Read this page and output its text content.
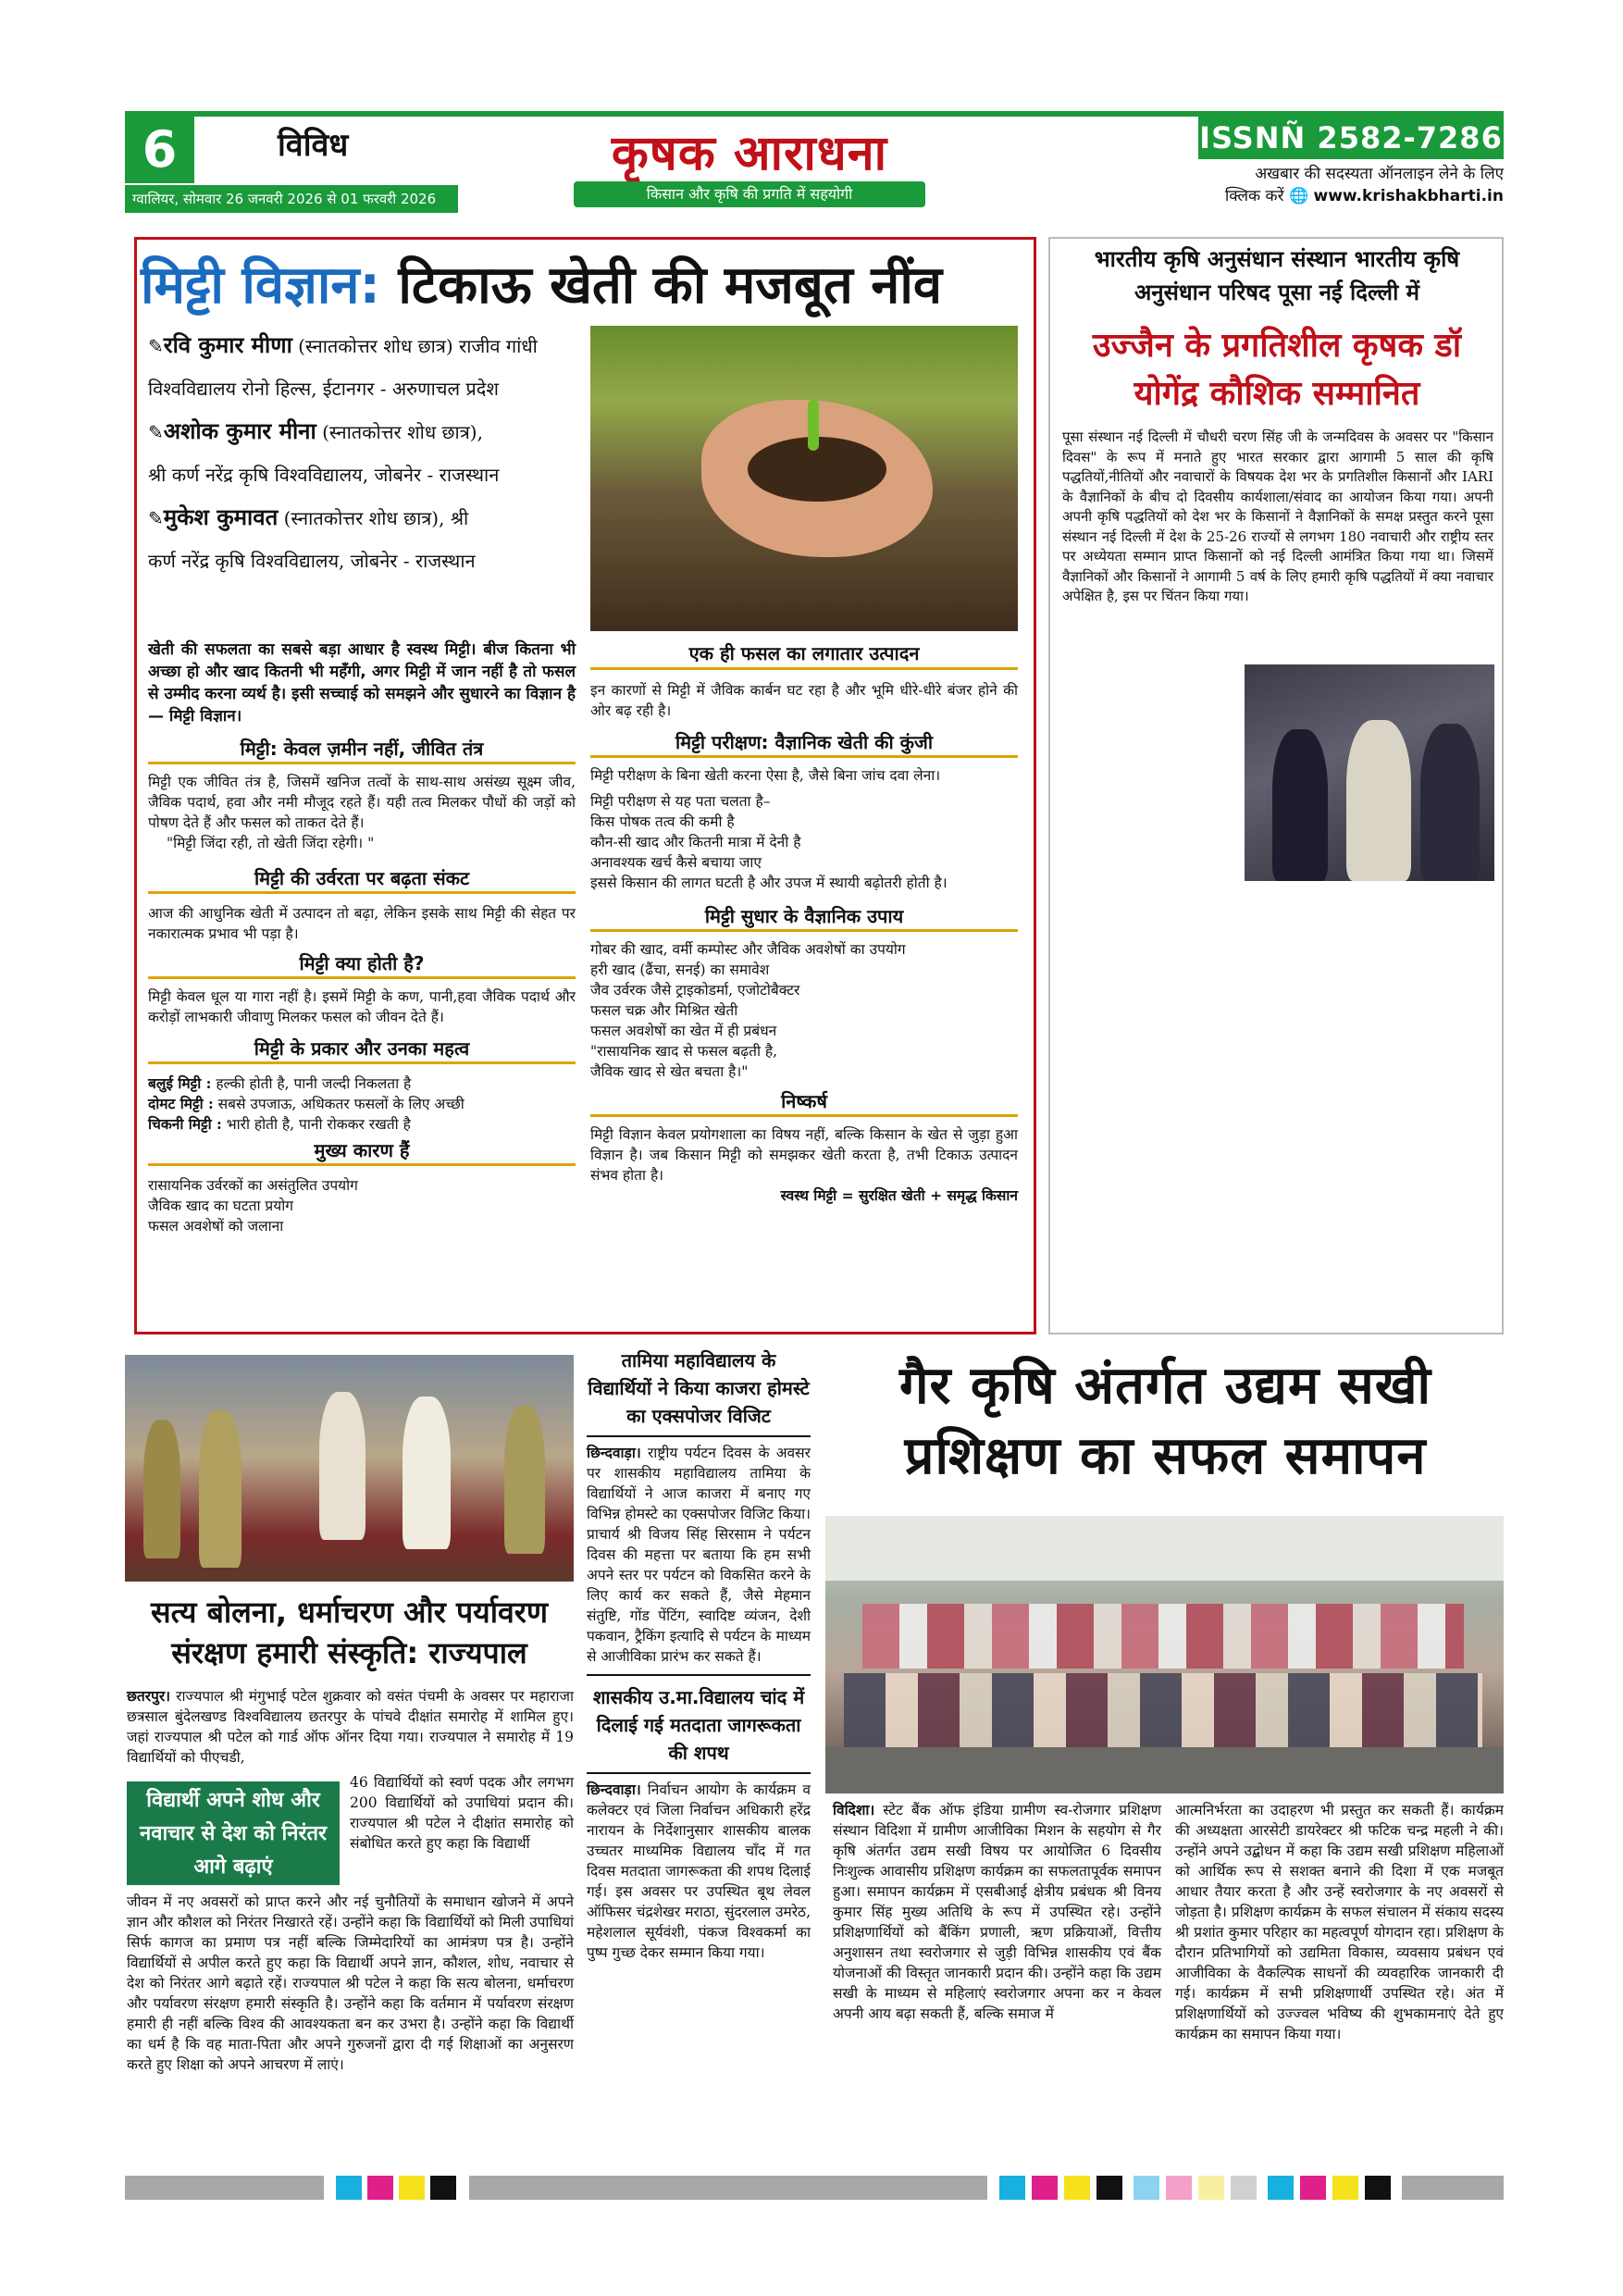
6	विविध
ग्वालियर, सोमवार 26 जनवरी 2026 से 01 फरवरी 2026
कृषक आराधना
किसान और कृषि की प्रगति में सहयोगी
ISSNÑ 2582-7286
अखबार की सदस्यता ऑनलाइन लेने के लिए
क्लिक करें 🌐 www.krishakbharti.in
मिट्टी विज्ञान: टिकाऊ खेती की मजबूत नींव
✎रवि कुमार मीणा (स्नातकोत्तर शोध छात्र) राजीव गांधी
विश्वविद्यालय रोनो हिल्स, ईटानगर - अरुणाचल प्रदेश
✎अशोक कुमार मीना (स्नातकोत्तर शोध छात्र),
श्री कर्ण नरेंद्र कृषि विश्वविद्यालय, जोबनेर - राजस्थान
✎मुकेश कुमावत (स्नातकोत्तर शोध छात्र), श्री
कर्ण नरेंद्र कृषि विश्वविद्यालय, जोबनेर - राजस्थान
एक ही फसल का लगातार उत्पादन

खेती की सफलता का सबसे बड़ा आधार है स्वस्थ मिट्टी। बीज कितना भी अच्छा हो और खाद कितनी भी महँगी, अगर मिट्टी में जान नहीं है तो फसल से उम्मीद करना व्यर्थ है। इसी सच्चाई को समझने और सुधारने का विज्ञान है — मिट्टी विज्ञान।

मिट्टी: केवल ज़मीन नहीं, जीवित तंत्र

मिट्टी एक जीवित तंत्र है, जिसमें खनिज तत्वों के साथ-साथ असंख्य सूक्ष्म जीव, जैविक पदार्थ, हवा और नमी मौजूद रहते हैं। यही तत्व मिलकर पौधों की जड़ों को पोषण देते हैं और फसल को ताकत देते हैं।

"मिट्टी जिंदा रही, तो खेती जिंदा रहेगी। "

मिट्टी की उर्वरता पर बढ़ता संकट

आज की आधुनिक खेती में उत्पादन तो बढ़ा, लेकिन इसके साथ मिट्टी की सेहत पर नकारात्मक प्रभाव भी पड़ा है।

मिट्टी क्या होती है?

मिट्टी केवल धूल या गारा नहीं है। इसमें मिट्टी के कण, पानी,हवा जैविक पदार्थ और करोड़ों लाभकारी जीवाणु मिलकर फसल को जीवन देते हैं।

मिट्टी के प्रकार और उनका महत्व
बलुई मिट्टी : हल्की होती है, पानी जल्दी निकलता है
दोमट मिट्टी : सबसे उपजाऊ, अधिकतर फसलों के लिए अच्छी
चिकनी मिट्टी : भारी होती है, पानी रोककर रखती है
मुख्य कारण हैं
रासायनिक उर्वरकों का असंतुलित उपयोग
जैविक खाद का घटता प्रयोग
फसल अवशेषों को जलाना

इन कारणों से मिट्टी में जैविक कार्बन घट रहा है और भूमि धीरे-धीरे बंजर होने की ओर बढ़ रही है।

मिट्टी परीक्षण: वैज्ञानिक खेती की कुंजी

मिट्टी परीक्षण के बिना खेती करना ऐसा है, जैसे बिना जांच दवा लेना।

मिट्टी परीक्षण से यह पता चलता है–
किस पोषक तत्व की कमी है
कौन-सी खाद और कितनी मात्रा में देनी है
अनावश्यक खर्च कैसे बचाया जाए
इससे किसान की लागत घटती है और उपज में स्थायी बढ़ोतरी होती है।
मिट्टी सुधार के वैज्ञानिक उपाय
गोबर की खाद, वर्मी कम्पोस्ट और जैविक अवशेषों का उपयोग
हरी खाद (ढैंचा, सनई) का समावेश
जैव उर्वरक जैसे ट्राइकोडर्मा, एजोटोबैक्टर
फसल चक्र और मिश्रित खेती
फसल अवशेषों का खेत में ही प्रबंधन
"रासायनिक खाद से फसल बढ़ती है,
जैविक खाद से खेत बचता है।"
निष्कर्ष

मिट्टी विज्ञान केवल प्रयोगशाला का विषय नहीं, बल्कि किसान के खेत से जुड़ा हुआ विज्ञान है। जब किसान मिट्टी को समझकर खेती करता है, तभी टिकाऊ उत्पादन संभव होता है।

स्वस्थ मिट्टी = सुरक्षित खेती + समृद्ध किसान

भारतीय कृषि अनुसंधान संस्थान भारतीय कृषि अनुसंधान परिषद पूसा नई दिल्ली में
उज्जैन के प्रगतिशील कृषक डॉ योगेंद्र कौशिक सम्मानित

पूसा संस्थान नई दिल्ली में चौधरी चरण सिंह जी के जन्मदिवस के अवसर पर "किसान दिवस" के रूप में मनाते हुए भारत सरकार द्वारा आगामी 5 साल की कृषि पद्धतियों,नीतियों और नवाचारों के विषयक देश भर के प्रगतिशील किसानों और IARI के वैज्ञानिकों के बीच दो दिवसीय कार्यशाला/संवाद का आयोजन किया गया। अपनी अपनी कृषि पद्धतियों को देश भर के किसानों ने वैज्ञानिकों के समक्ष प्रस्तुत करने पूसा संस्थान नई दिल्ली में देश के 25-26 राज्यों से लगभग 180 नवाचारी और राष्ट्रीय स्तर पर अध्येयता सम्मान प्राप्त किसानों को नई दिल्ली आमंत्रित किया गया था। जिसमें वैज्ञानिकों और किसानों ने आगामी 5 वर्ष के लिए हमारी कृषि पद्धतियों में क्या नवाचार अपेक्षित है, इस पर चिंतन किया गया।

सत्य बोलना, धर्माचरण और पर्यावरण संरक्षण हमारी संस्कृति: राज्यपाल
छतरपुर। राज्यपाल श्री मंगुभाई पटेल शुक्रवार को वसंत पंचमी के अवसर पर महाराजा छत्रसाल बुंदेलखण्ड विश्वविद्यालय छतरपुर के पांचवे दीक्षांत समारोह में शामिल हुए। जहां राज्यपाल श्री पटेल को गार्ड ऑफ ऑनर दिया गया। राज्यपाल ने समारोह में 19 विद्यार्थियों को पीएचडी,
विद्यार्थी अपने शोध और नवाचार से देश को निरंतर आगे बढ़ाएं
46 विद्यार्थियों को स्वर्ण पदक और लगभग 200 विद्यार्थियों को उपाधियां प्रदान की। राज्यपाल श्री पटेल ने दीक्षांत समारोह को संबोधित करते हुए कहा कि विद्यार्थी
जीवन में नए अवसरों को प्राप्त करने और नई चुनौतियों के समाधान खोजने में अपने ज्ञान और कौशल को निरंतर निखारते रहें। उन्होंने कहा कि विद्यार्थियों को मिली उपाधियां सिर्फ कागज का प्रमाण पत्र नहीं बल्कि जिम्मेदारियों का आमंत्रण पत्र है। उन्होंने विद्यार्थियों से अपील करते हुए कहा कि विद्यार्थी अपने ज्ञान, कौशल, शोध, नवाचार से देश को निरंतर आगे बढ़ाते रहें। राज्यपाल श्री पटेल ने कहा कि सत्य बोलना, धर्माचरण और पर्यावरण संरक्षण हमारी संस्कृति है। उन्होंने कहा कि वर्तमान में पर्यावरण संरक्षण हमारी ही नहीं बल्कि विश्व की आवश्यकता बन कर उभरा है। उन्होंने कहा कि विद्यार्थी का धर्म है कि वह माता-पिता और अपने गुरुजनों द्वारा दी गई शिक्षाओं का अनुसरण करते हुए शिक्षा को अपने आचरण में लाएं।
तामिया महाविद्यालय के विद्यार्थियों ने किया काजरा होमस्टे का एक्सपोजर विजिट

छिन्दवाड़ा। राष्ट्रीय पर्यटन दिवस के अवसर पर शासकीय महाविद्यालय तामिया के विद्यार्थियों ने आज काजरा में बनाए गए विभिन्न होमस्टे का एक्सपोजर विजिट किया। प्राचार्य श्री विजय सिंह सिरसाम ने पर्यटन दिवस की महत्ता पर बताया कि हम सभी अपने स्तर पर पर्यटन को विकसित करने के लिए कार्य कर सकते हैं, जैसे मेहमान संतुष्टि, गोंड पेंटिंग, स्वादिष्ट व्यंजन, देशी पकवान, ट्रैकिंग इत्यादि से पर्यटन के माध्यम से आजीविका प्रारंभ कर सकते हैं।

शासकीय उ.मा.विद्यालय चांद में दिलाई गई मतदाता जागरूकता की शपथ

छिन्दवाड़ा। निर्वाचन आयोग के कार्यक्रम व कलेक्टर एवं जिला निर्वाचन अधिकारी हरेंद्र नारायन के निर्देशानुसार शासकीय बालक उच्चतर माध्यमिक विद्यालय चाँद में गत दिवस मतदाता जागरूकता की शपथ दिलाई गई। इस अवसर पर उपस्थित बूथ लेवल ऑफिसर चंद्रशेखर मराठा, सुंदरलाल उमरेठ, महेशलाल सूर्यवंशी, पंकज विश्वकर्मा का पुष्प गुच्छ देकर सम्मान किया गया।

गैर कृषि अंतर्गत उद्यम सखी प्रशिक्षण का सफल समापन
विदिशा। स्टेट बैंक ऑफ इंडिया ग्रामीण स्व-रोजगार प्रशिक्षण संस्थान विदिशा में ग्रामीण आजीविका मिशन के सहयोग से गैर कृषि अंतर्गत उद्यम सखी विषय पर आयोजित 6 दिवसीय निःशुल्क आवासीय प्रशिक्षण कार्यक्रम का सफलतापूर्वक समापन हुआ। समापन कार्यक्रम में एसबीआई क्षेत्रीय प्रबंधक श्री विनय कुमार सिंह मुख्य अतिथि के रूप में उपस्थित रहे। उन्होंने प्रशिक्षणार्थियों को बैंकिंग प्रणाली, ऋण प्रक्रियाओं, वित्तीय अनुशासन तथा स्वरोजगार से जुड़ी विभिन्न शासकीय एवं बैंक योजनाओं की विस्तृत जानकारी प्रदान की। उन्होंने कहा कि उद्यम सखी के माध्यम से महिलाएं स्वरोजगार अपना कर न केवल अपनी आय बढ़ा सकती हैं, बल्कि समाज में
आत्मनिर्भरता का उदाहरण भी प्रस्तुत कर सकती हैं। कार्यक्रम की अध्यक्षता आरसेटी डायरेक्टर श्री फटिक चन्द्र महली ने की। उन्होंने अपने उद्बोधन में कहा कि उद्यम सखी प्रशिक्षण महिलाओं को आर्थिक रूप से सशक्त बनाने की दिशा में एक मजबूत आधार तैयार करता है और उन्हें स्वरोजगार के नए अवसरों से जोड़ता है। प्रशिक्षण कार्यक्रम के सफल संचालन में संकाय सदस्य श्री प्रशांत कुमार परिहार का महत्वपूर्ण योगदान रहा। प्रशिक्षण के दौरान प्रतिभागियों को उद्यमिता विकास, व्यवसाय प्रबंधन एवं आजीविका के वैकल्पिक साधनों की व्यवहारिक जानकारी दी गई। कार्यक्रम में सभी प्रशिक्षणार्थी उपस्थित रहे। अंत में प्रशिक्षणार्थियों को उज्ज्वल भविष्य की शुभकामनाएं देते हुए कार्यक्रम का समापन किया गया।
